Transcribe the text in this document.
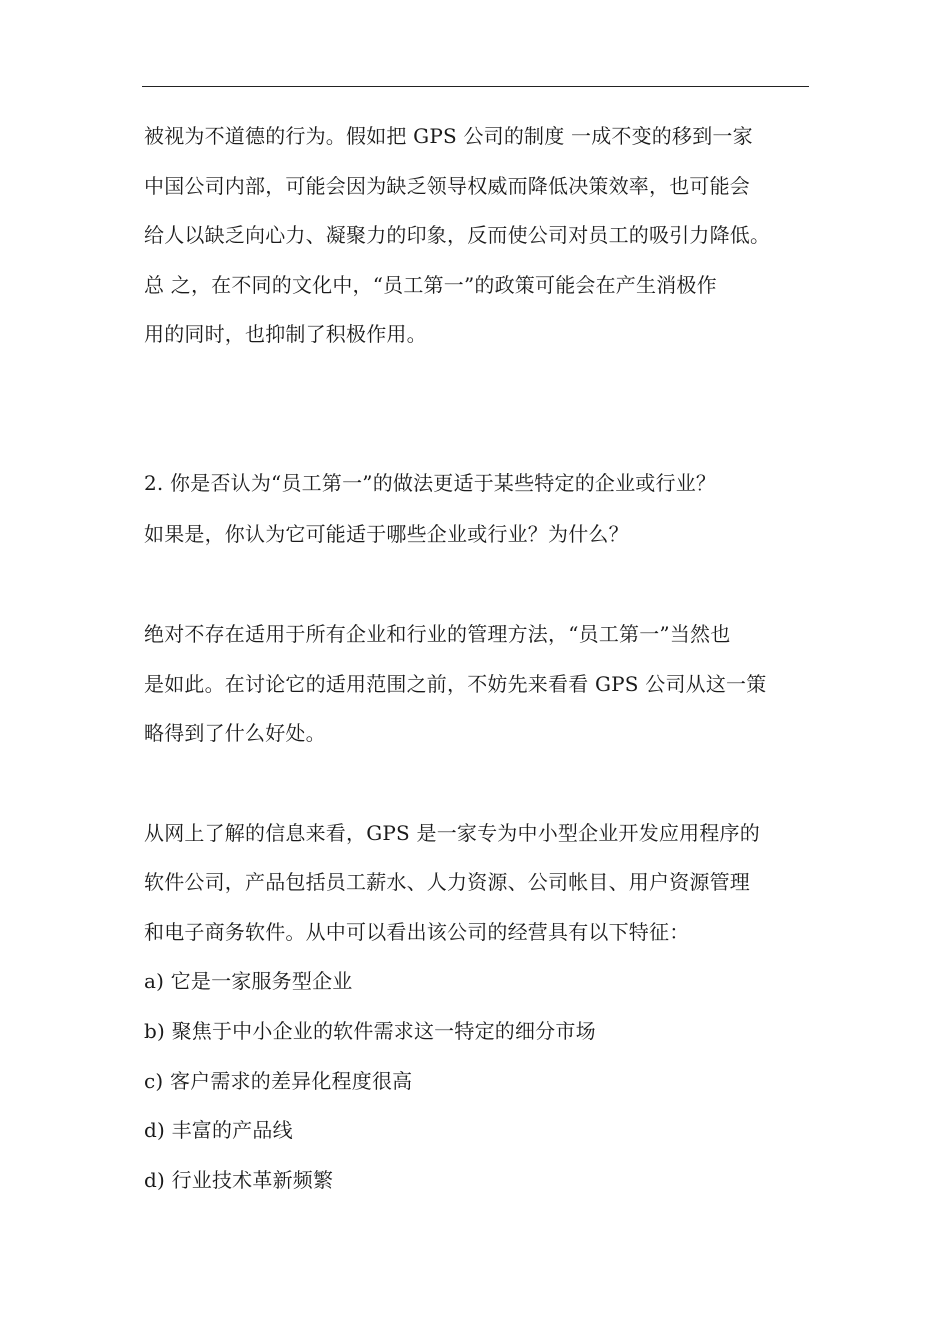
被视为不道德的行为。假如把 GPS 公司的制度 一成不变的移到一家
中国公司内部，可能会因为缺乏领导权威而降低决策效率，也可能会
给人以缺乏向心力、凝聚力的印象，反而使公司对员工的吸引力降低。
总 之，在不同的文化中，“员工第一”的政策可能会在产生消极作
用的同时，也抑制了积极作用。
2. 你是否认为“员工第一”的做法更适于某些特定的企业或行业？
如果是，你认为它可能适于哪些企业或行业？为什么？
绝对不存在适用于所有企业和行业的管理方法，“员工第一”当然也
是如此。在讨论它的适用范围之前，不妨先来看看 GPS 公司从这一策
略得到了什么好处。
从网上了解的信息来看，GPS 是一家专为中小型企业开发应用程序的
软件公司，产品包括员工薪水、人力资源、公司帐目、用户资源管理
和电子商务软件。从中可以看出该公司的经营具有以下特征：
a) 它是一家服务型企业
b) 聚焦于中小企业的软件需求这一特定的细分市场
c) 客户需求的差异化程度很高
d) 丰富的产品线
d) 行业技术革新频繁
